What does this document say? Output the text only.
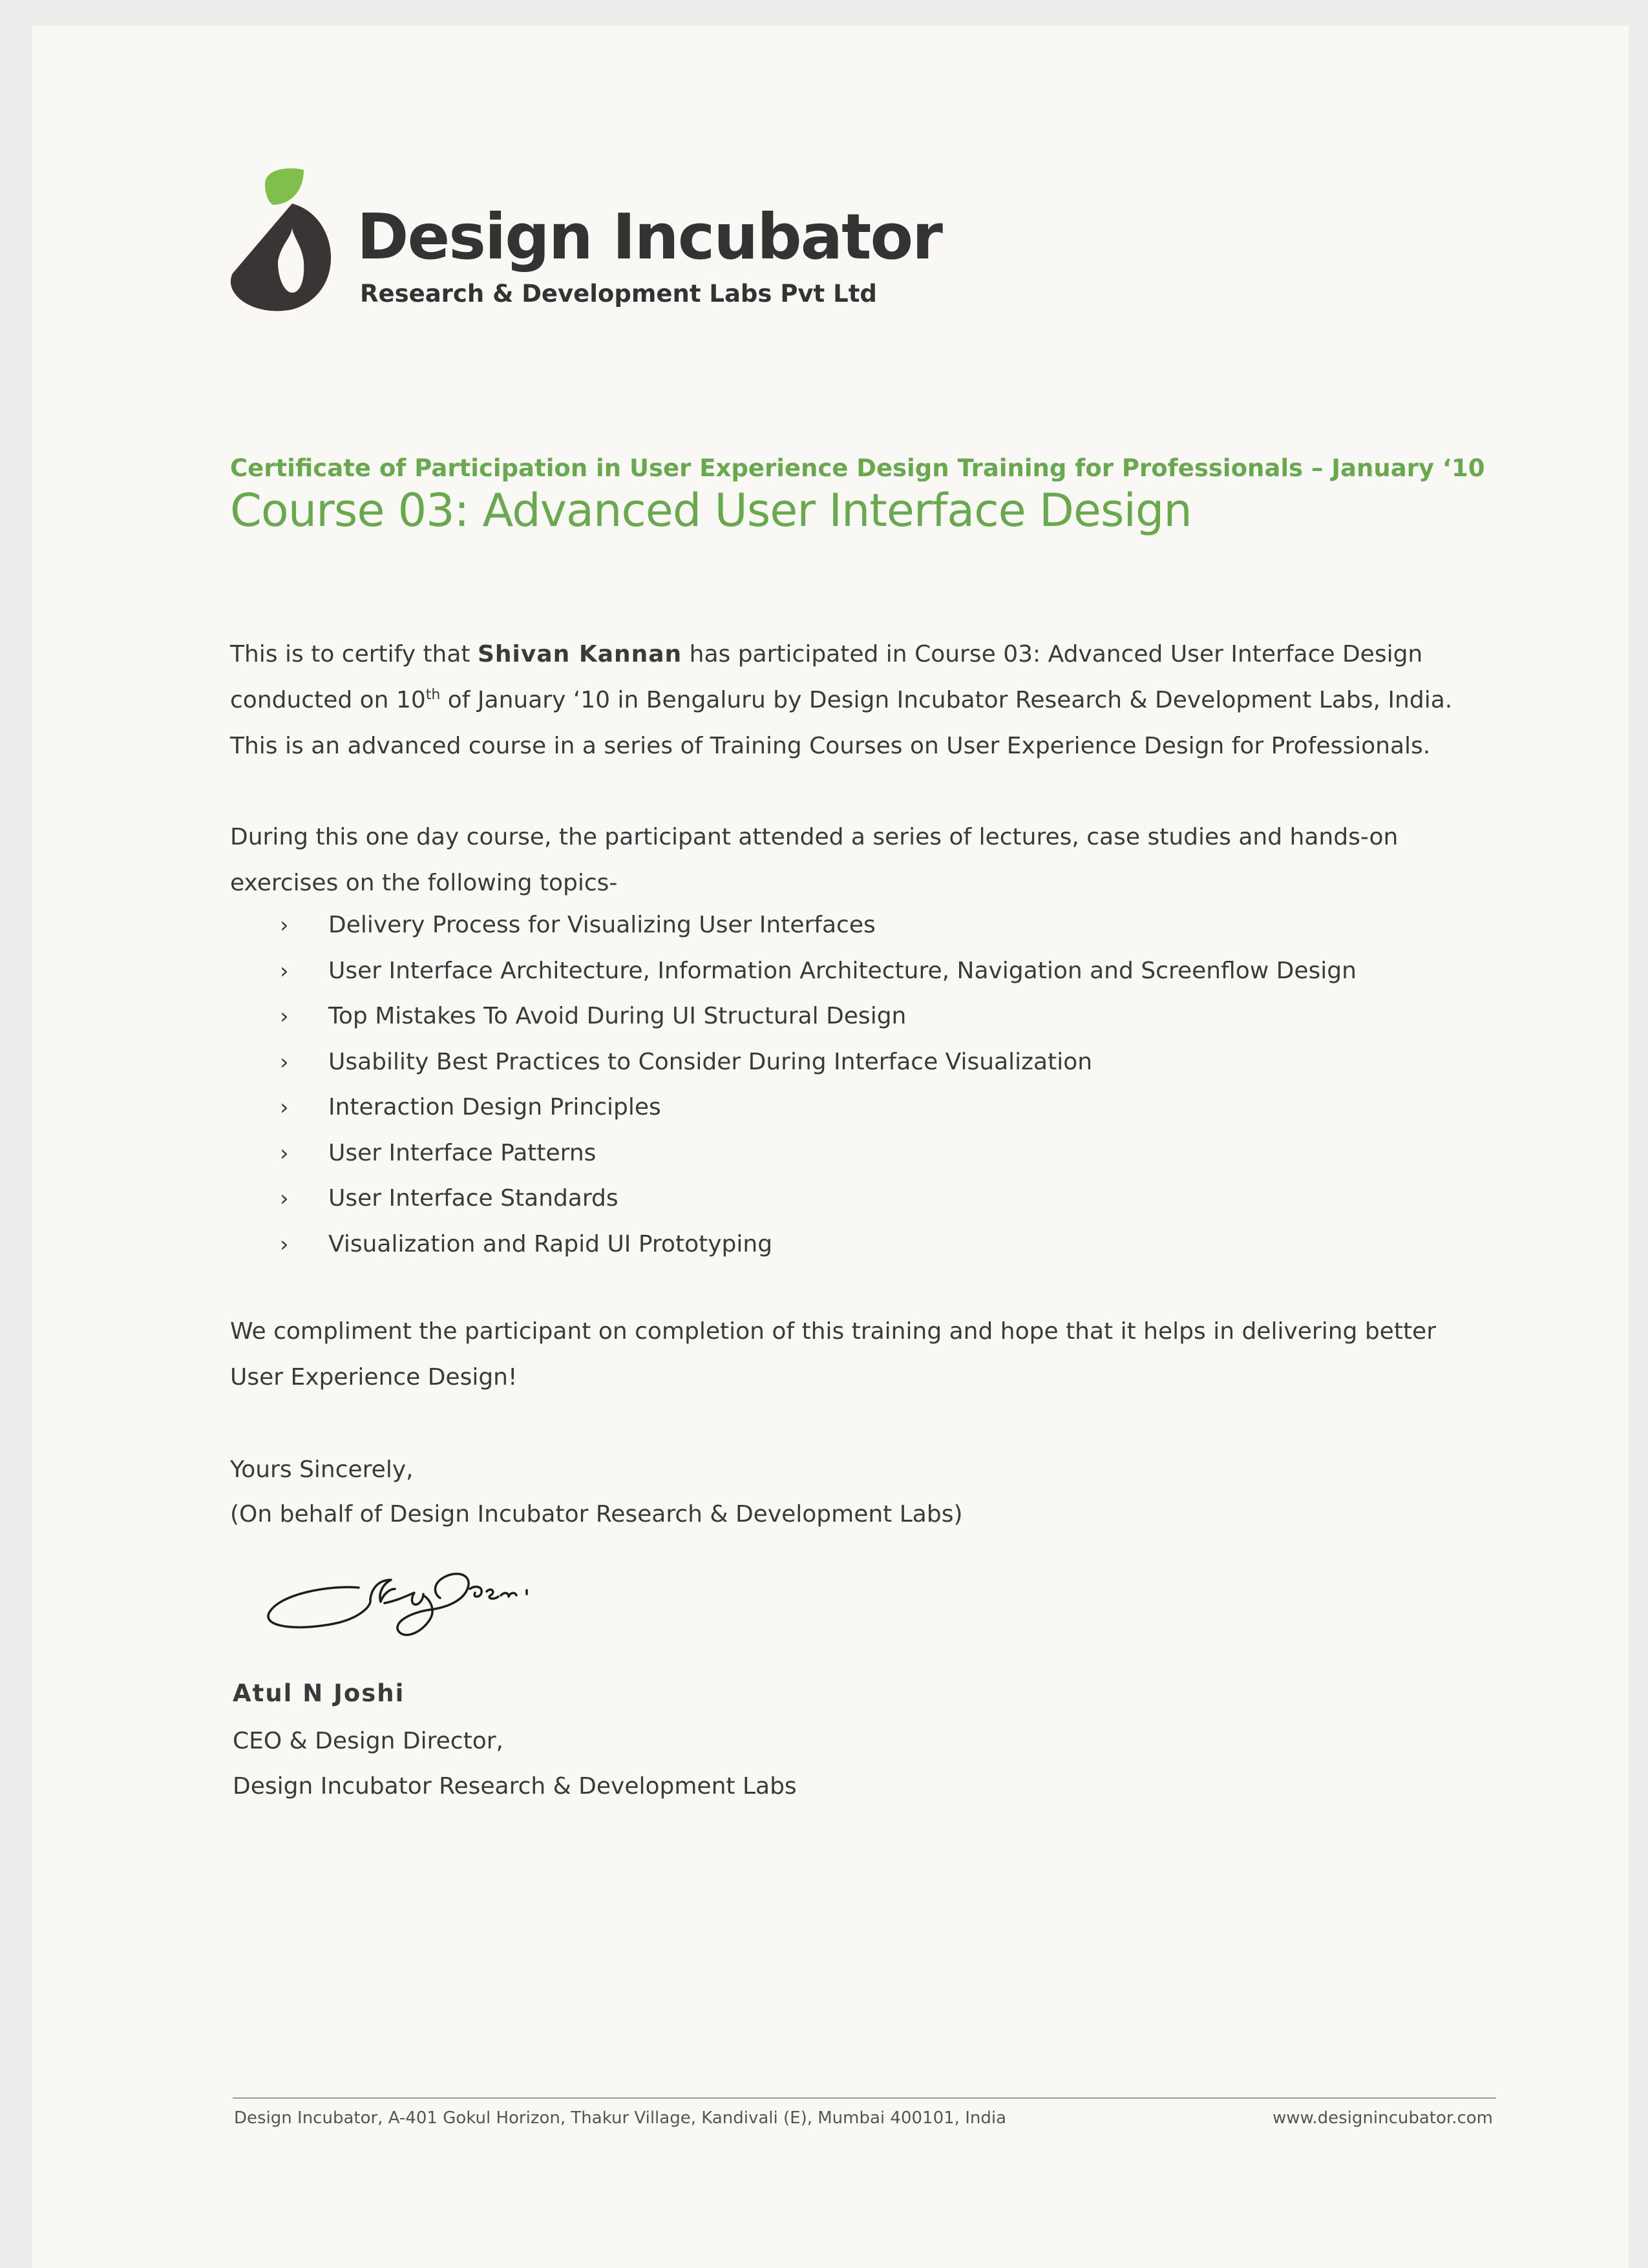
Design Incubator
Research & Development Labs Pvt Ltd
Certificate of Participation in User Experience Design Training for Professionals – January ‘10
Course 03: Advanced User Interface Design

This is to certify that Shivan Kannan has participated in Course 03: Advanced User Interface Design
conducted on 10th of January ‘10 in Bengaluru by Design Incubator Research & Development Labs, India.
This is an advanced course in a series of Training Courses on User Experience Design for Professionals.

During this one day course, the participant attended a series of lectures, case studies and hands-on
exercises on the following topics-

› Delivery Process for Visualizing User Interfaces
› User Interface Architecture, Information Architecture, Navigation and Screenflow Design
› Top Mistakes To Avoid During UI Structural Design
› Usability Best Practices to Consider During Interface Visualization
› Interaction Design Principles
› User Interface Patterns
› User Interface Standards
› Visualization and Rapid UI Prototyping

We compliment the participant on completion of this training and hope that it helps in delivering better
User Experience Design!

Yours Sincerely,
(On behalf of Design Incubator Research & Development Labs)

Atul N Joshi

CEO & Design Director,
Design Incubator Research & Development Labs

Design Incubator, A-401 Gokul Horizon, Thakur Village, Kandivali (E), Mumbai 400101, India	www.designincubator.com
